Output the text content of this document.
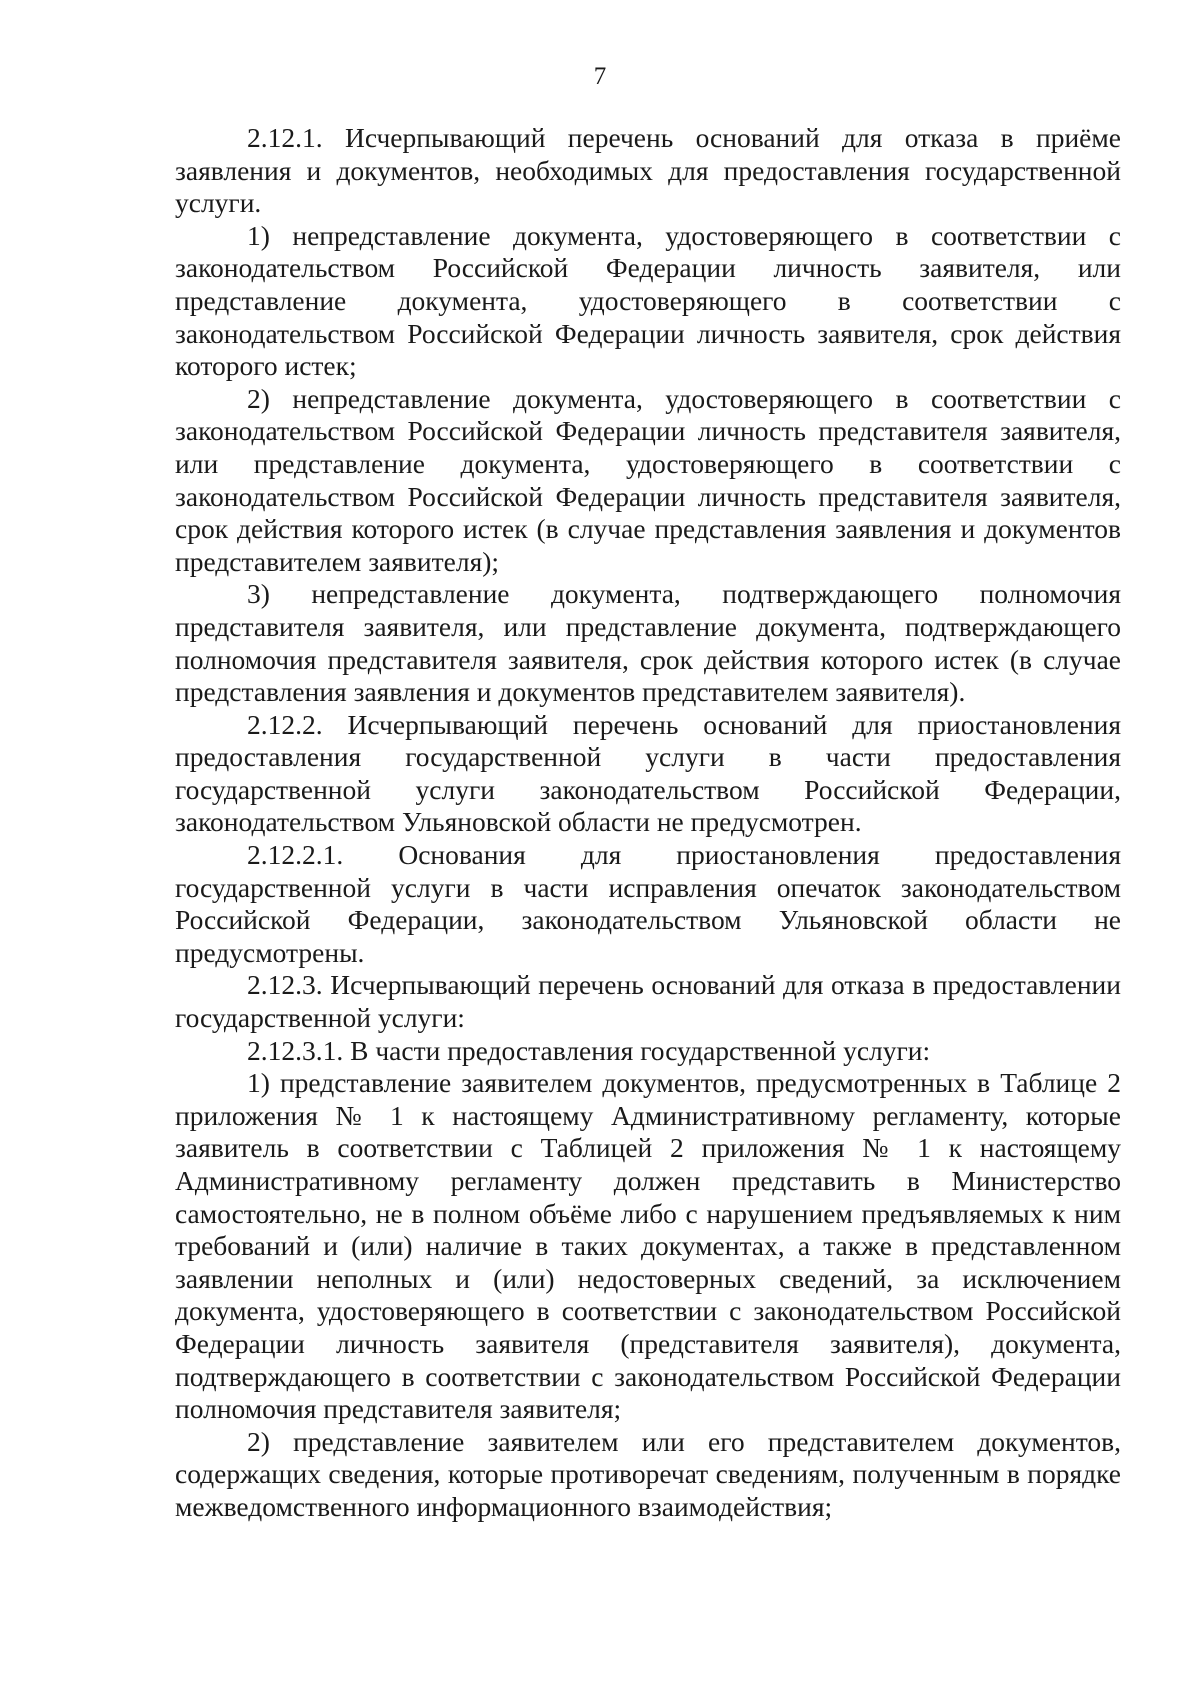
7

2.12.1. Исчерпывающий перечень оснований для отказа в приёме заявления и документов, необходимых для предоставления государственной услуги.

1) непредставление документа, удостоверяющего в соответствии с законодательством Российской Федерации личность заявителя, или представление документа, удостоверяющего в соответствии с законодательством Российской Федерации личность заявителя, срок действия которого истек;

2) непредставление документа, удостоверяющего в соответствии с законодательством Российской Федерации личность представителя заявителя, или представление документа, удостоверяющего в соответствии с законодательством Российской Федерации личность представителя заявителя, срок действия которого истек (в случае представления заявления и документов представителем заявителя);

3) непредставление документа, подтверждающего полномочия представителя заявителя, или представление документа, подтверждающего полномочия представителя заявителя, срок действия которого истек (в случае представления заявления и документов представителем заявителя).

2.12.2. Исчерпывающий перечень оснований для приостановления предоставления государственной услуги в части предоставления государственной услуги законодательством Российской Федерации, законодательством Ульяновской области не предусмотрен.

2.12.2.1. Основания для приостановления предоставления государственной услуги в части исправления опечаток законодательством Российской Федерации, законодательством Ульяновской области не предусмотрены.

2.12.3. Исчерпывающий перечень оснований для отказа в предоставлении государственной услуги:

2.12.3.1. В части предоставления государственной услуги:

1) представление заявителем документов, предусмотренных в Таблице 2 приложения № 1 к настоящему Административному регламенту, которые заявитель в соответствии с Таблицей 2 приложения № 1 к настоящему Административному регламенту должен представить в Министерство самостоятельно, не в полном объёме либо с нарушением предъявляемых к ним требований и (или) наличие в таких документах, а также в представленном заявлении неполных и (или) недостоверных сведений, за исключением документа, удостоверяющего в соответствии с законодательством Российской Федерации личность заявителя (представителя заявителя), документа, подтверждающего в соответствии с законодательством Российской Федерации полномочия представителя заявителя;

2) представление заявителем или его представителем документов, содержащих сведения, которые противоречат сведениям, полученным в порядке межведомственного информационного взаимодействия;
